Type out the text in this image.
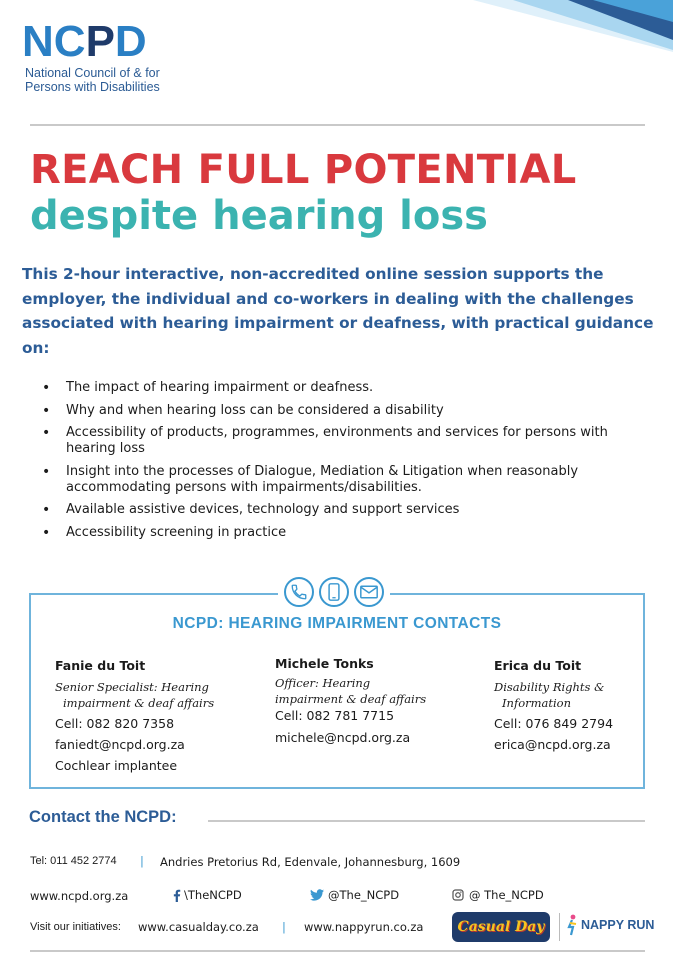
NCPD
National Council of & for
Persons with Disabilities
REACH FULL POTENTIAL
despite hearing loss
This 2-hour interactive, non-accredited online session supports the employer, the individual and co-workers in dealing with the challenges associated with hearing impairment or deafness, with practical guidance on:
• The impact of hearing impairment or deafness.
• Why and when hearing loss can be considered a disability
• Accessibility of products, programmes, environments and services for persons with hearing loss
• Insight into the processes of Dialogue, Mediation & Litigation when reasonably accommodating persons with impairments/disabilities.
• Available assistive devices, technology and support services
• Accessibility screening in practice
NCPD: HEARING IMPAIRMENT CONTACTS
Fanie du Toit
Senior Specialist: Hearing
impairment & deaf affairs
Cell: 082 820 7358
faniedt@ncpd.org.za
Cochlear implantee
Michele Tonks
Officer: Hearing
impairment & deaf affairs
Cell: 082 781 7715
michele@ncpd.org.za
Erica du Toit
Disability Rights &
Information
Cell: 076 849 2794
erica@ncpd.org.za
Contact the NCPD:
Tel: 011 452 2774 | Andries Pretorius Rd, Edenvale, Johannesburg, 1609
www.ncpd.org.za	\TheNCPD	@The_NCPD	@ The_NCPD
Visit our initiatives: www.casualday.co.za | www.nappyrun.co.za Casual Day	NAPPY RUN
